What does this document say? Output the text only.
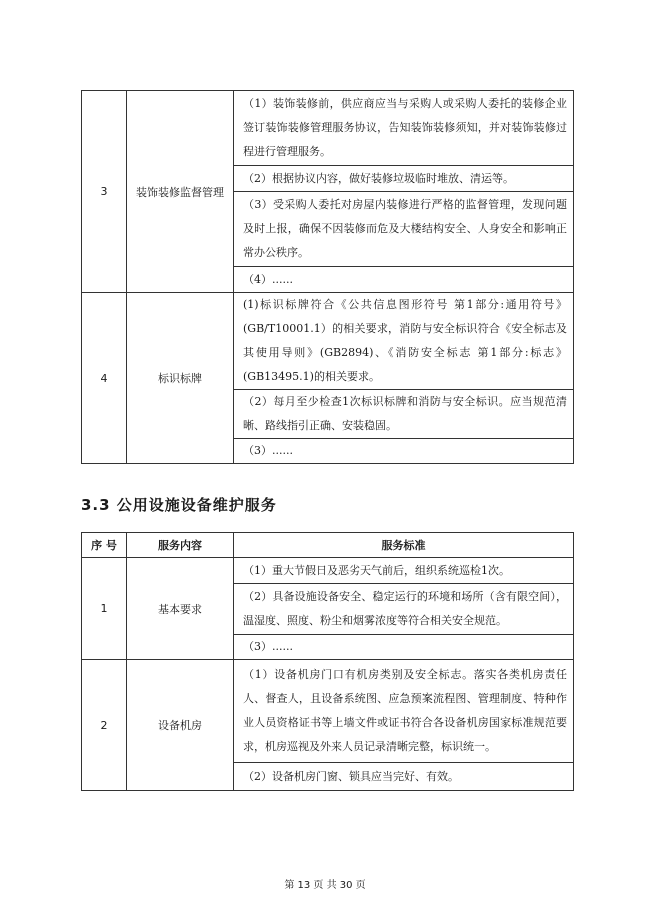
3	装饰装修监督管理	（1）装饰装修前，供应商应当与采购人或采购人委托的装修企业签订装饰装修管理服务协议，告知装饰装修须知，并对装饰装修过程进行管理服务。
		（2）根据协议内容，做好装修垃圾临时堆放、清运等。
		（3）受采购人委托对房屋内装修进行严格的监督管理，发现问题及时上报，确保不因装修而危及大楼结构安全、人身安全和影响正常办公秩序。
		（4）......
4	标识标牌	(1)标识标牌符合《公共信息图形符号 第1部分:通用符号》(GB/T10001.1）的相关要求，消防与安全标识符合《安全标志及其使用导则》(GB2894)、《消防安全标志 第1部分:标志》(GB13495.1)的相关要求。
		（2）每月至少检查1次标识标牌和消防与安全标识。应当规范清晰、路线指引正确、安装稳固。
		（3）......
3.3 公用设施设备维护服务
序 号	服务内容	服务标准
1	基本要求	（1）重大节假日及恶劣天气前后，组织系统巡检1次。
		（2）具备设施设备安全、稳定运行的环境和场所（含有限空间），温湿度、照度、粉尘和烟雾浓度等符合相关安全规范。
		（3）......
2	设备机房	（1）设备机房门口有机房类别及安全标志。落实各类机房责任人、督查人，且设备系统图、应急预案流程图、管理制度、特种作业人员资格证书等上墙文件或证书符合各设备机房国家标准规范要求，机房巡视及外来人员记录清晰完整，标识统一。
		（2）设备机房门窗、锁具应当完好、有效。
第 13 页 共 30 页
